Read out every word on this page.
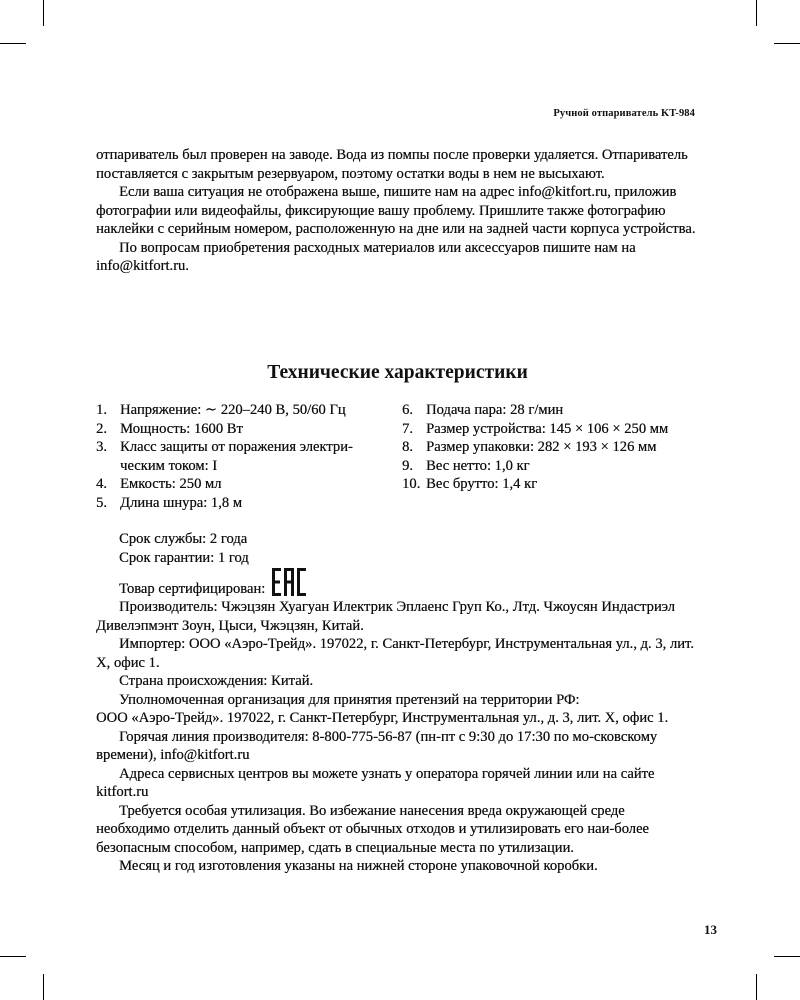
Ручной отпариватель KT-984

отпариватель был проверен на заводе. Вода из помпы после проверки удаляется. Отпариватель поставляется с закрытым резервуаром, поэтому остатки воды в нем не высыхают.

Если ваша ситуация не отображена выше, пишите нам на адрес info@kitfort.ru, приложив фотографии или видеофайлы, фиксирующие вашу проблему. Пришлите также фотографию наклейки с серийным номером, расположенную на дне или на задней части корпуса устройства.

По вопросам приобретения расходных материалов или аксессуаров пишите нам на info@kitfort.ru.

Технические характеристики
1. Напряжение: ∼ 220–240 В, 50/60 Гц
2. Мощность: 1600 Вт
3. Класс защиты от поражения электри-ческим током: I
4. Емкость: 250 мл
5. Длина шнура: 1,8 м
6. Подача пара: 28 г/мин
7. Размер устройства: 145 × 106 × 250 мм
8. Размер упаковки: 282 × 193 × 126 мм
9. Вес нетто: 1,0 кг
10. Вес брутто: 1,4 кг

Срок службы: 2 года

Срок гарантии: 1 год

Товар сертифицирован:

Производитель: Чжэцзян Хуагуан Илектрик Эплаенс Груп Ко., Лтд. Чжоусян Индастриэл Дивелэпмэнт Зоун, Цыси, Чжэцзян, Китай.

Импортер: ООО «Аэро-Трейд». 197022, г. Санкт-Петербург, Инструментальная ул., д. 3, лит. Х, офис 1.

Страна происхождения: Китай.

Уполномоченная организация для принятия претензий на территории РФ:

ООО «Аэро-Трейд». 197022, г. Санкт-Петербург, Инструментальная ул., д. 3, лит. Х, офис 1.

Горячая линия производителя: 8-800-775-56-87 (пн-пт с 9:30 до 17:30 по мо-сковскому времени), info@kitfort.ru

Адреса сервисных центров вы можете узнать у оператора горячей линии или на сайте kitfort.ru

Требуется особая утилизация. Во избежание нанесения вреда окружающей среде необходимо отделить данный объект от обычных отходов и утилизировать его наи-более безопасным способом, например, сдать в специальные места по утилизации.

Месяц и год изготовления указаны на нижней стороне упаковочной коробки.

13
